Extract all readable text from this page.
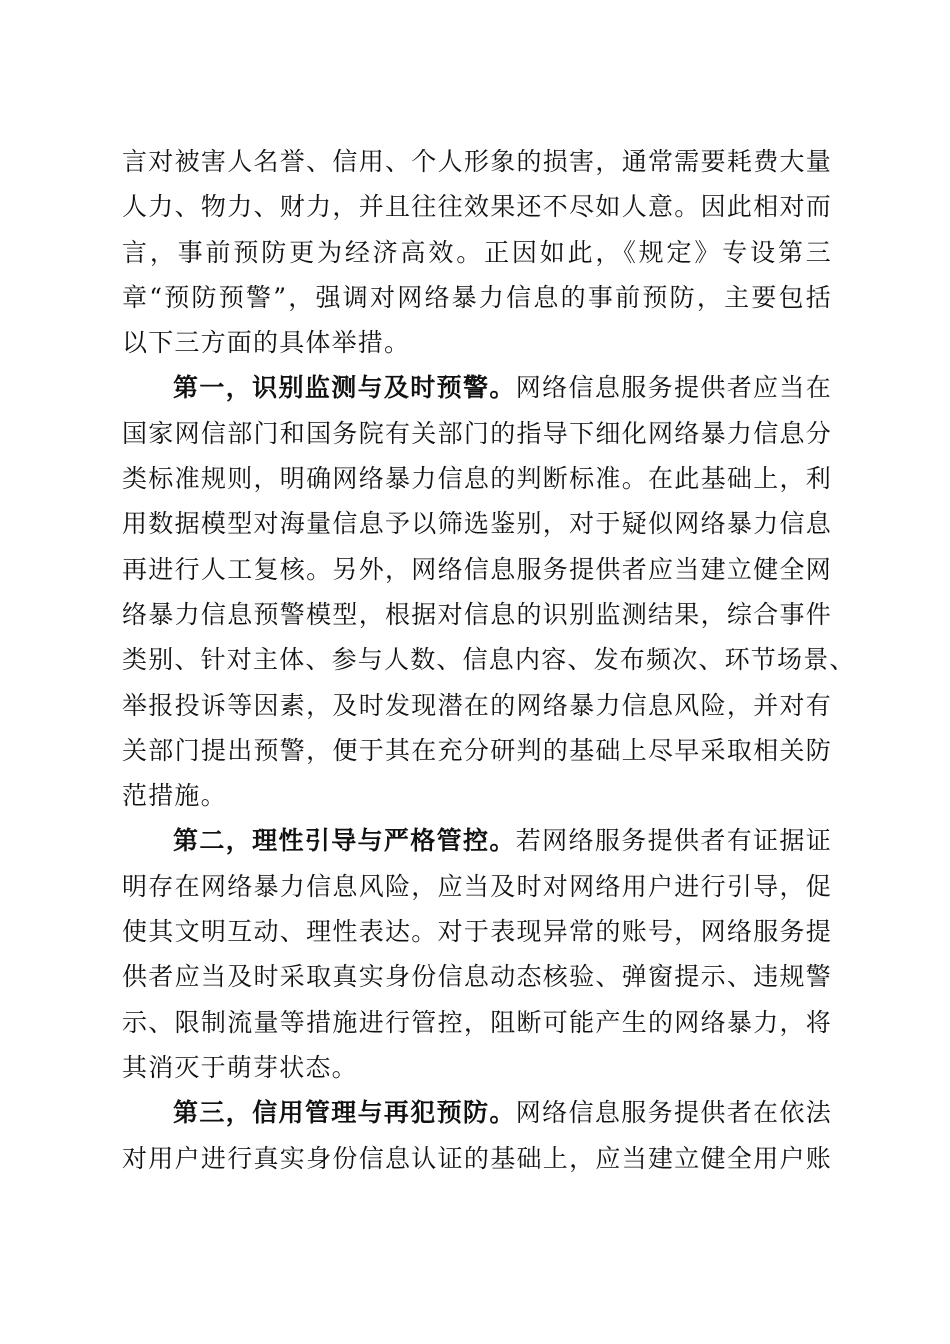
言对被害人名誉、信用、个人形象的损害，通常需要耗费大量
人力、物力、财力，并且往往效果还不尽如人意。因此相对而
言，事前预防更为经济高效。正因如此，《规定》专设第三
章“预防预警”，强调对网络暴力信息的事前预防，主要包括
以下三方面的具体举措。
第一，识别监测与及时预警。网络信息服务提供者应当在
国家网信部门和国务院有关部门的指导下细化网络暴力信息分
类标准规则，明确网络暴力信息的判断标准。在此基础上，利
用数据模型对海量信息予以筛选鉴别，对于疑似网络暴力信息
再进行人工复核。另外，网络信息服务提供者应当建立健全网
络暴力信息预警模型，根据对信息的识别监测结果，综合事件
类别、针对主体、参与人数、信息内容、发布频次、环节场景、
举报投诉等因素，及时发现潜在的网络暴力信息风险，并对有
关部门提出预警，便于其在充分研判的基础上尽早采取相关防
范措施。
第二，理性引导与严格管控。若网络服务提供者有证据证
明存在网络暴力信息风险，应当及时对网络用户进行引导，促
使其文明互动、理性表达。对于表现异常的账号，网络服务提
供者应当及时采取真实身份信息动态核验、弹窗提示、违规警
示、限制流量等措施进行管控，阻断可能产生的网络暴力，将
其消灭于萌芽状态。
第三，信用管理与再犯预防。网络信息服务提供者在依法
对用户进行真实身份信息认证的基础上，应当建立健全用户账
